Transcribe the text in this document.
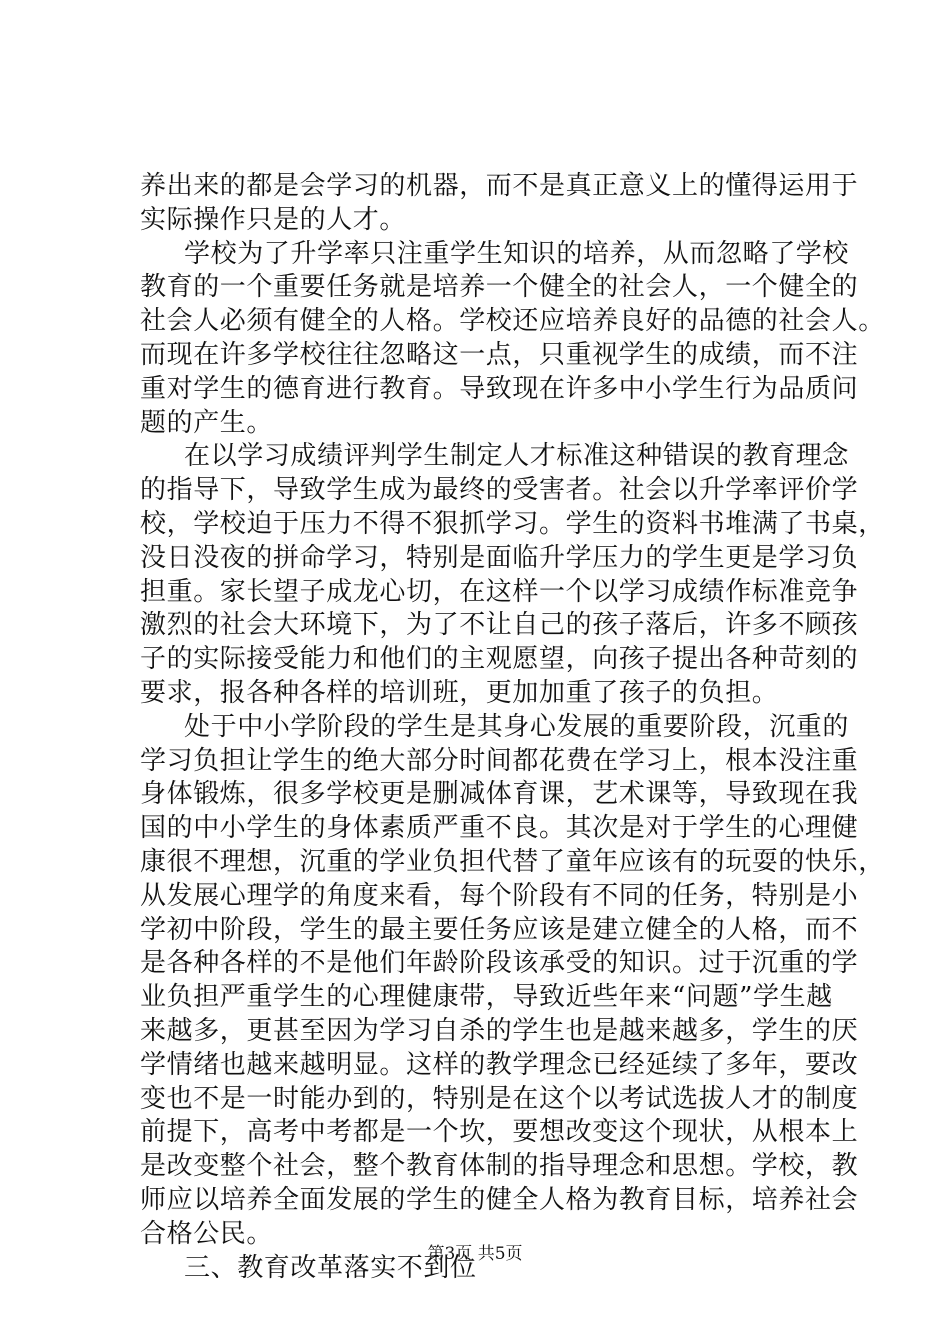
养出来的都是会学习的机器，而不是真正意义上的懂得运用于
实际操作只是的人才。
学校为了升学率只注重学生知识的培养，从而忽略了学校
教育的一个重要任务就是培养一个健全的社会人，一个健全的
社会人必须有健全的人格。学校还应培养良好的品德的社会人。
而现在许多学校往往忽略这一点，只重视学生的成绩，而不注
重对学生的德育进行教育。导致现在许多中小学生行为品质问
题的产生。
在以学习成绩评判学生制定人才标准这种错误的教育理念
的指导下，导致学生成为最终的受害者。社会以升学率评价学
校，学校迫于压力不得不狠抓学习。学生的资料书堆满了书桌，
没日没夜的拼命学习，特别是面临升学压力的学生更是学习负
担重。家长望子成龙心切，在这样一个以学习成绩作标准竞争
激烈的社会大环境下，为了不让自己的孩子落后，许多不顾孩
子的实际接受能力和他们的主观愿望，向孩子提出各种苛刻的
要求，报各种各样的培训班，更加加重了孩子的负担。
处于中小学阶段的学生是其身心发展的重要阶段，沉重的
学习负担让学生的绝大部分时间都花费在学习上，根本没注重
身体锻炼，很多学校更是删减体育课，艺术课等，导致现在我
国的中小学生的身体素质严重不良。其次是对于学生的心理健
康很不理想，沉重的学业负担代替了童年应该有的玩耍的快乐，
从发展心理学的角度来看，每个阶段有不同的任务，特别是小
学初中阶段，学生的最主要任务应该是建立健全的人格，而不
是各种各样的不是他们年龄阶段该承受的知识。过于沉重的学
业负担严重学生的心理健康带，导致近些年来“问题”学生越
来越多，更甚至因为学习自杀的学生也是越来越多，学生的厌
学情绪也越来越明显。这样的教学理念已经延续了多年，要改
变也不是一时能办到的，特别是在这个以考试选拔人才的制度
前提下，高考中考都是一个坎，要想改变这个现状，从根本上
是改变整个社会，整个教育体制的指导理念和思想。学校，教
师应以培养全面发展的学生的健全人格为教育目标，培养社会
合格公民。
三、教育改革落实不到位
第3页 共5页
